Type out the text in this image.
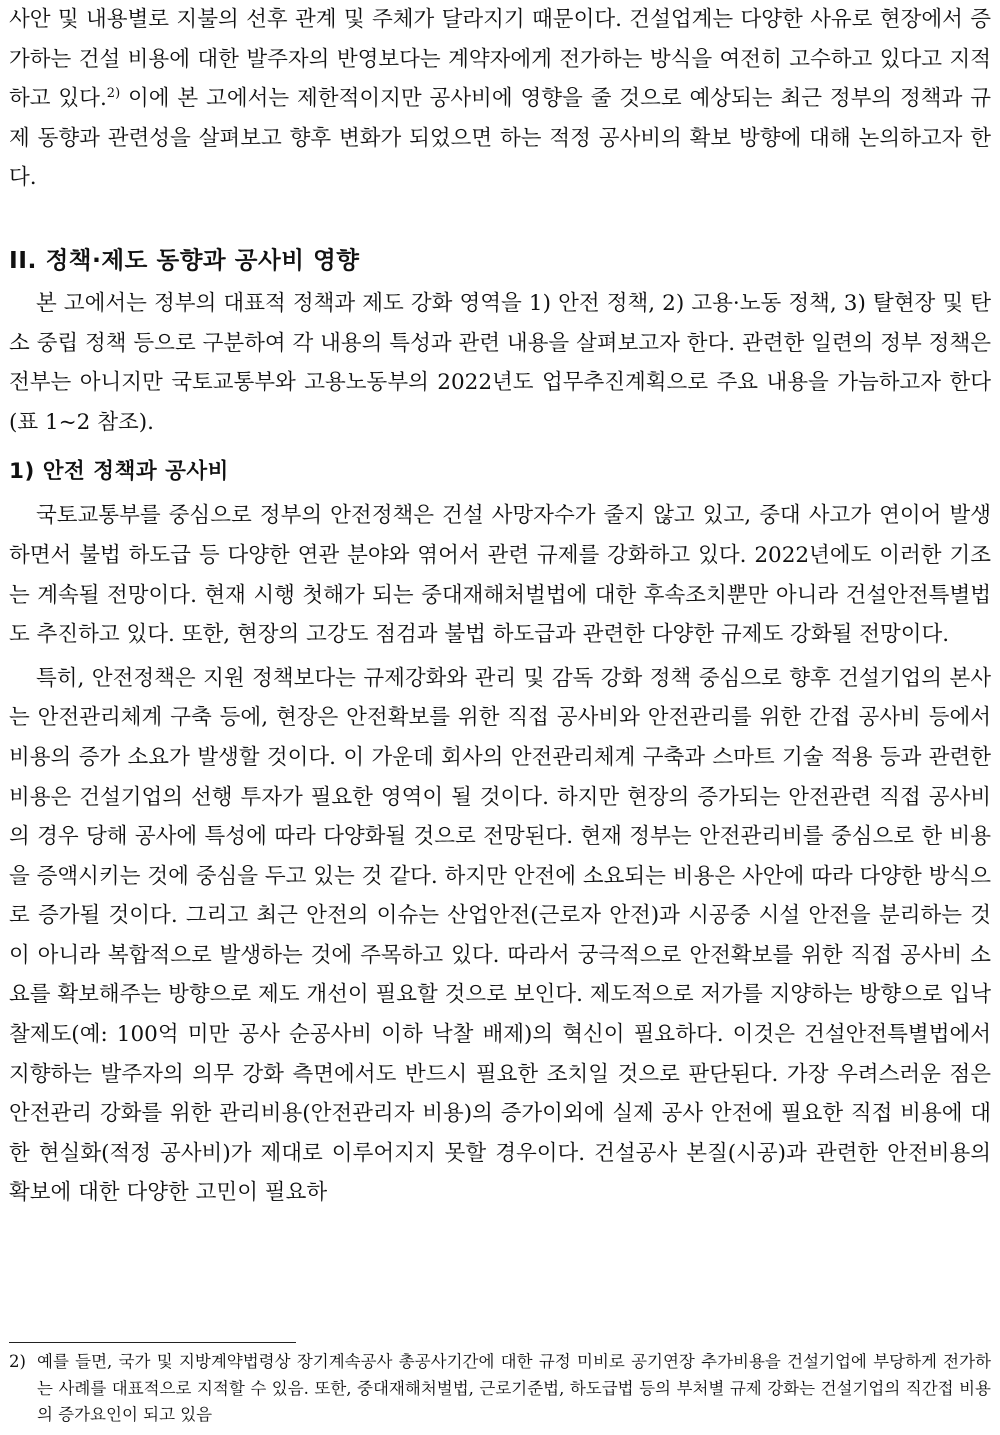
사안 및 내용별로 지불의 선후 관계 및 주체가 달라지기 때문이다. 건설업계는 다양한 사유로 현장에서 증가하는 건설 비용에 대한 발주자의 반영보다는 계약자에게 전가하는 방식을 여전히 고수하고 있다고 지적하고 있다.$^{2)}$ 이에 본 고에서는 제한적이지만 공사비에 영향을 줄 것으로 예상되는 최근 정부의 정책과 규제 동향과 관련성을 살펴보고 향후 변화가 되었으면 하는 적정 공사비의 확보 방향에 대해 논의하고자 한다.

II. 정책·제도 동향과 공사비 영향

본 고에서는 정부의 대표적 정책과 제도 강화 영역을 1) 안전 정책, 2) 고용·노동 정책, 3) 탈현장 및 탄소 중립 정책 등으로 구분하여 각 내용의 특성과 관련 내용을 살펴보고자 한다. 관련한 일련의 정부 정책은 전부는 아니지만 국토교통부와 고용노동부의 2022년도 업무추진계획으로 주요 내용을 가늠하고자 한다(표 1~2 참조).

1) 안전 정책과 공사비

국토교통부를 중심으로 정부의 안전정책은 건설 사망자수가 줄지 않고 있고, 중대 사고가 연이어 발생하면서 불법 하도급 등 다양한 연관 분야와 엮어서 관련 규제를 강화하고 있다. 2022년에도 이러한 기조는 계속될 전망이다. 현재 시행 첫해가 되는 중대재해처벌법에 대한 후속조치뿐만 아니라 건설안전특별법도 추진하고 있다. 또한, 현장의 고강도 점검과 불법 하도급과 관련한 다양한 규제도 강화될 전망이다.

특히, 안전정책은 지원 정책보다는 규제강화와 관리 및 감독 강화 정책 중심으로 향후 건설기업의 본사는 안전관리체계 구축 등에, 현장은 안전확보를 위한 직접 공사비와 안전관리를 위한 간접 공사비 등에서 비용의 증가 소요가 발생할 것이다. 이 가운데 회사의 안전관리체계 구축과 스마트 기술 적용 등과 관련한 비용은 건설기업의 선행 투자가 필요한 영역이 될 것이다. 하지만 현장의 증가되는 안전관련 직접 공사비의 경우 당해 공사에 특성에 따라 다양화될 것으로 전망된다. 현재 정부는 안전관리비를 중심으로 한 비용을 증액시키는 것에 중심을 두고 있는 것 같다. 하지만 안전에 소요되는 비용은 사안에 따라 다양한 방식으로 증가될 것이다. 그리고 최근 안전의 이슈는 산업안전(근로자 안전)과 시공중 시설 안전을 분리하는 것이 아니라 복합적으로 발생하는 것에 주목하고 있다. 따라서 궁극적으로 안전확보를 위한 직접 공사비 소요를 확보해주는 방향으로 제도 개선이 필요할 것으로 보인다. 제도적으로 저가를 지양하는 방향으로 입낙찰제도(예: 100억 미만 공사 순공사비 이하 낙찰 배제)의 혁신이 필요하다. 이것은 건설안전특별법에서 지향하는 발주자의 의무 강화 측면에서도 반드시 필요한 조치일 것으로 판단된다. 가장 우려스러운 점은 안전관리 강화를 위한 관리비용(안전관리자 비용)의 증가이외에 실제 공사 안전에 필요한 직접 비용에 대한 현실화(적정 공사비)가 제대로 이루어지지 못할 경우이다. 건설공사 본질(시공)과 관련한 안전비용의 확보에 대한 다양한 고민이 필요하

2) 예를 들면, 국가 및 지방계약법령상 장기계속공사 총공사기간에 대한 규정 미비로 공기연장 추가비용을 건설기업에 부당하게 전가하는 사례를 대표적으로 지적할 수 있음. 또한, 중대재해처벌법, 근로기준법, 하도급법 등의 부처별 규제 강화는 건설기업의 직간접 비용의 증가요인이 되고 있음
